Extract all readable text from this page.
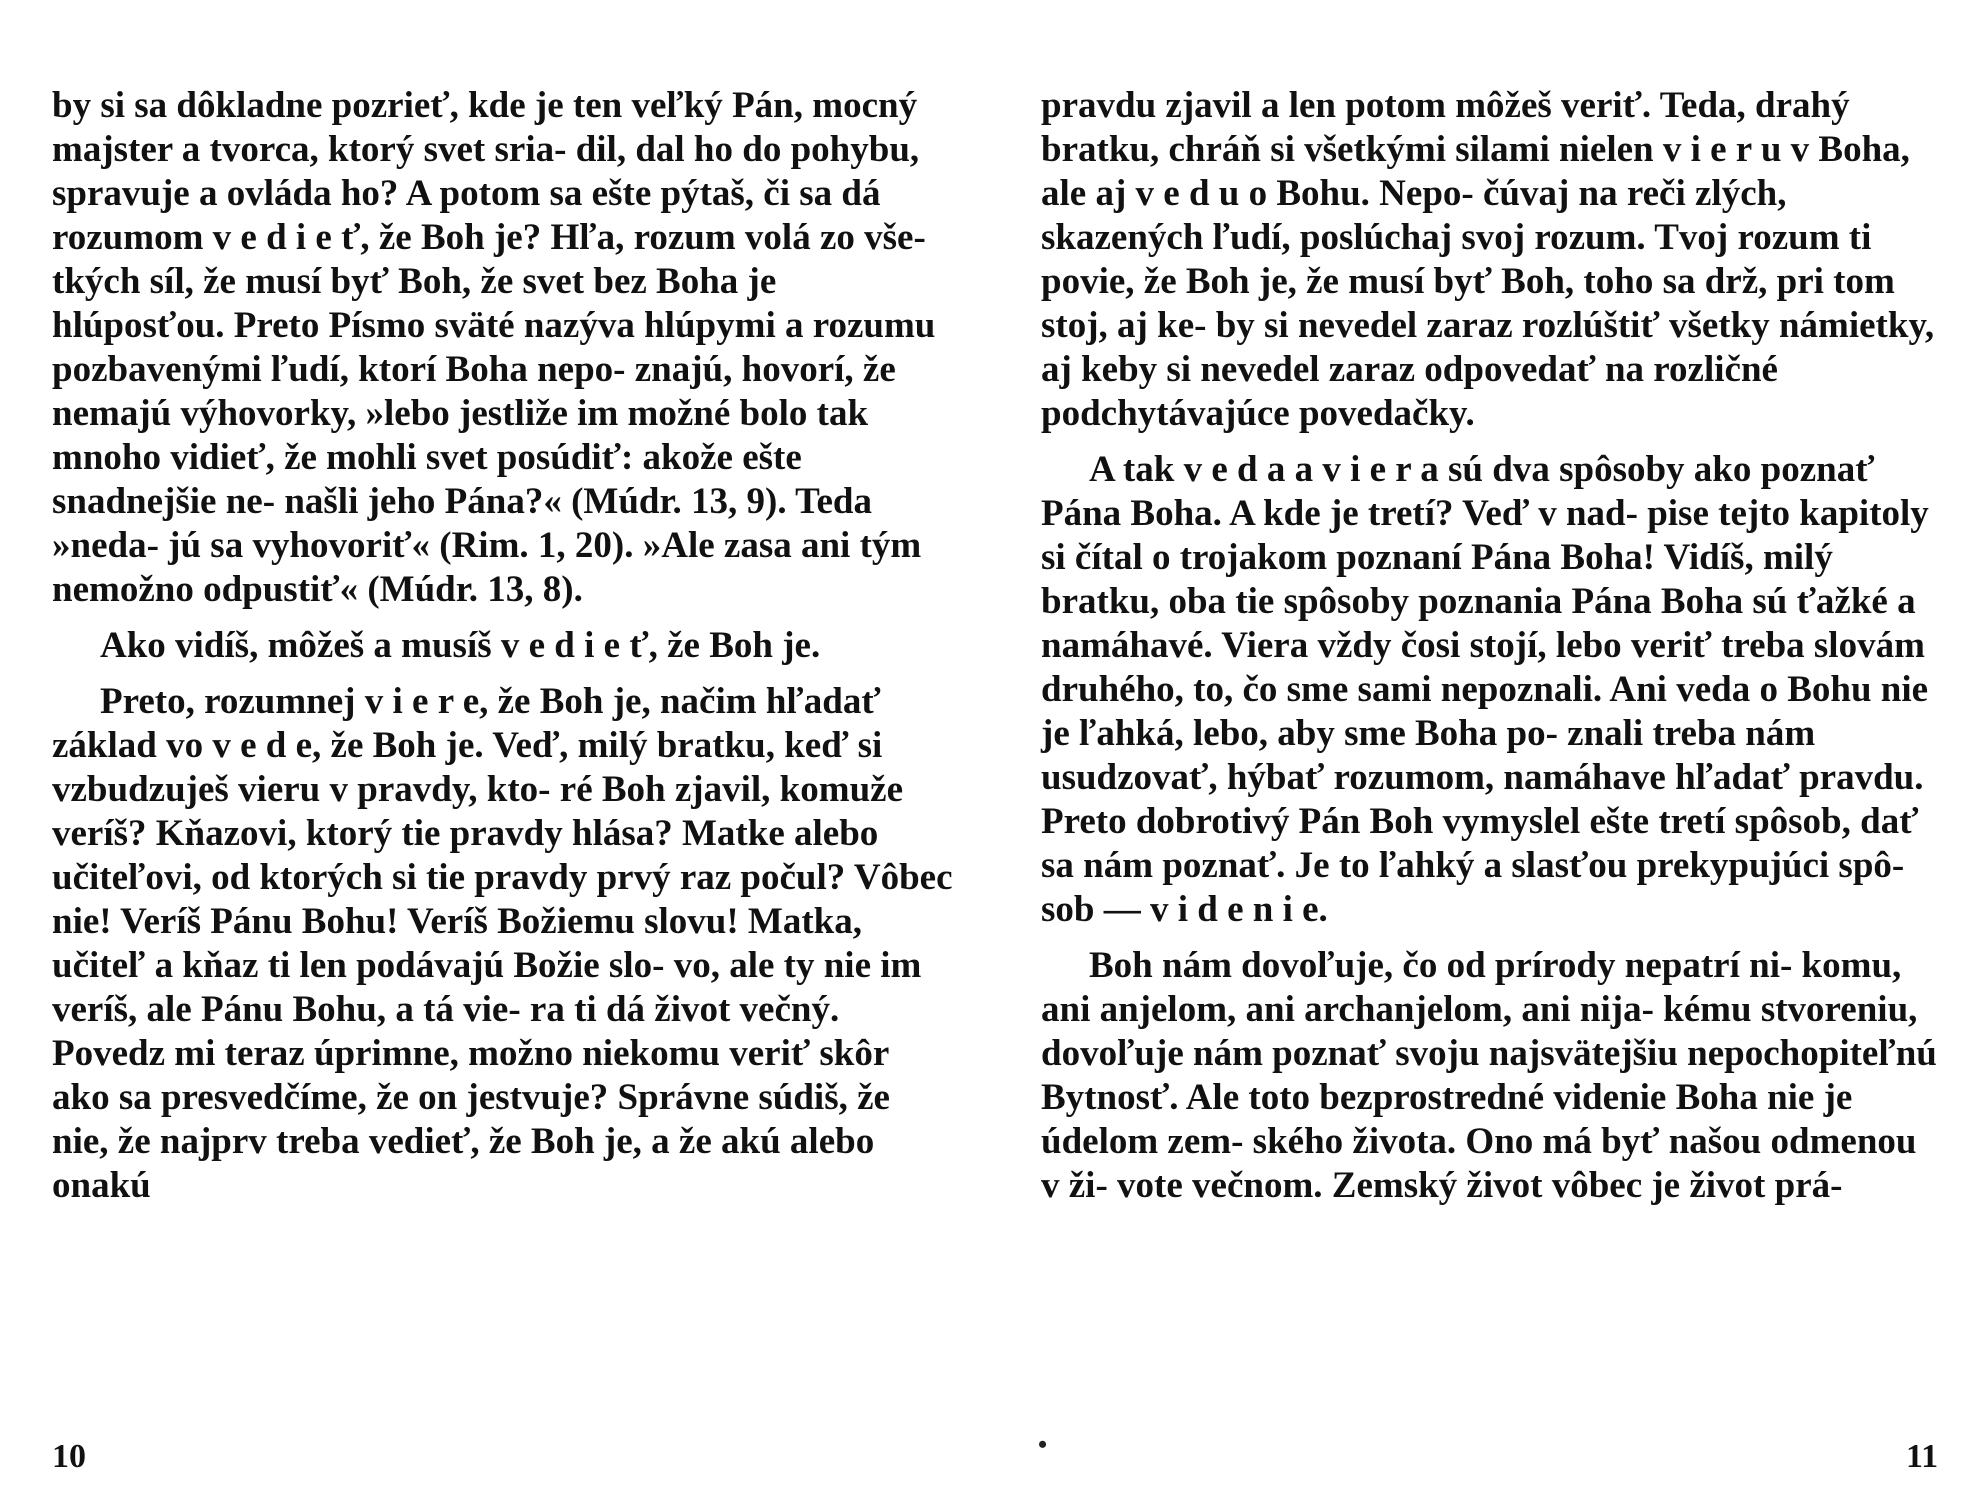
by si sa dôkladne pozrieť, kde je ten veľký Pán, mocný majster a tvorca, ktorý svet sria- dil, dal ho do pohybu, spravuje a ovláda ho? A potom sa ešte pýtaš, či sa dá rozumom v e d i e ť, že Boh je? Hľa, rozum volá zo vše- tkých síl, že musí byť Boh, že svet bez Boha je hlúposťou. Preto Písmo sväté nazýva hlúpymi a rozumu pozbavenými ľudí, ktorí Boha nepo- znajú, hovorí, že nemajú výhovorky, »lebo jestliže im možné bolo tak mnoho vidieť, že mohli svet posúdiť: akože ešte snadnejšie ne- našli jeho Pána?« (Múdr. 13, 9). Teda »neda- jú sa vyhovoriť« (Rim. 1, 20). »Ale zasa ani tým nemožno odpustiť« (Múdr. 13, 8).
Ako vidíš, môžeš a musíš v e d i e ť, že Boh je.
Preto, rozumnej v i e r e, že Boh je, načim hľadať základ vo v e d e, že Boh je. Veď, milý bratku, keď si vzbudzuješ vieru v pravdy, kto- ré Boh zjavil, komuže veríš? Kňazovi, ktorý tie pravdy hlása? Matke alebo učiteľovi, od ktorých si tie pravdy prvý raz počul? Vôbec nie! Veríš Pánu Bohu! Veríš Božiemu slovu! Matka, učiteľ a kňaz ti len podávajú Božie slo- vo, ale ty nie im veríš, ale Pánu Bohu, a tá vie- ra ti dá život večný. Povedz mi teraz úprimne, možno niekomu veriť skôr ako sa presvedčíme, že on jestvuje? Správne súdiš, že nie, že najprv treba vedieť, že Boh je, a že akú alebo onakú
pravdu zjavil a len potom môžeš veriť. Teda, drahý bratku, chráň si všetkými silami nielen v i e r u v Boha, ale aj v e d u o Bohu. Nepo- čúvaj na reči zlých, skazených ľudí, poslúchaj svoj rozum. Tvoj rozum ti povie, že Boh je, že musí byť Boh, toho sa drž, pri tom stoj, aj ke- by si nevedel zaraz rozlúštiť všetky námietky, aj keby si nevedel zaraz odpovedať na rozličné podchytávajúce povedačky.
A tak v e d a a v i e r a sú dva spôsoby ako poznať Pána Boha. A kde je tretí? Veď v nad- pise tejto kapitoly si čítal o trojakom poznaní Pána Boha! Vidíš, milý bratku, oba tie spôsoby poznania Pána Boha sú ťažké a namáhavé. Viera vždy čosi stojí, lebo veriť treba slovám druhého, to, čo sme sami nepoznali. Ani veda o Bohu nie je ľahká, lebo, aby sme Boha po- znali treba nám usudzovať, hýbať rozumom, namáhave hľadať pravdu. Preto dobrotivý Pán Boh vymyslel ešte tretí spôsob, dať sa nám poznať. Je to ľahký a slasťou prekypujúci spô- sob — v i d e n i e.
Boh nám dovoľuje, čo od prírody nepatrí ni- komu, ani anjelom, ani archanjelom, ani nija- kému stvoreniu, dovoľuje nám poznať svoju najsvätejšiu nepochopiteľnú Bytnosť. Ale toto bezprostredné videnie Boha nie je údelom zem- ského života. Ono má byť našou odmenou v ži- vote večnom. Zemský život vôbec je život prá-
10	•	11
